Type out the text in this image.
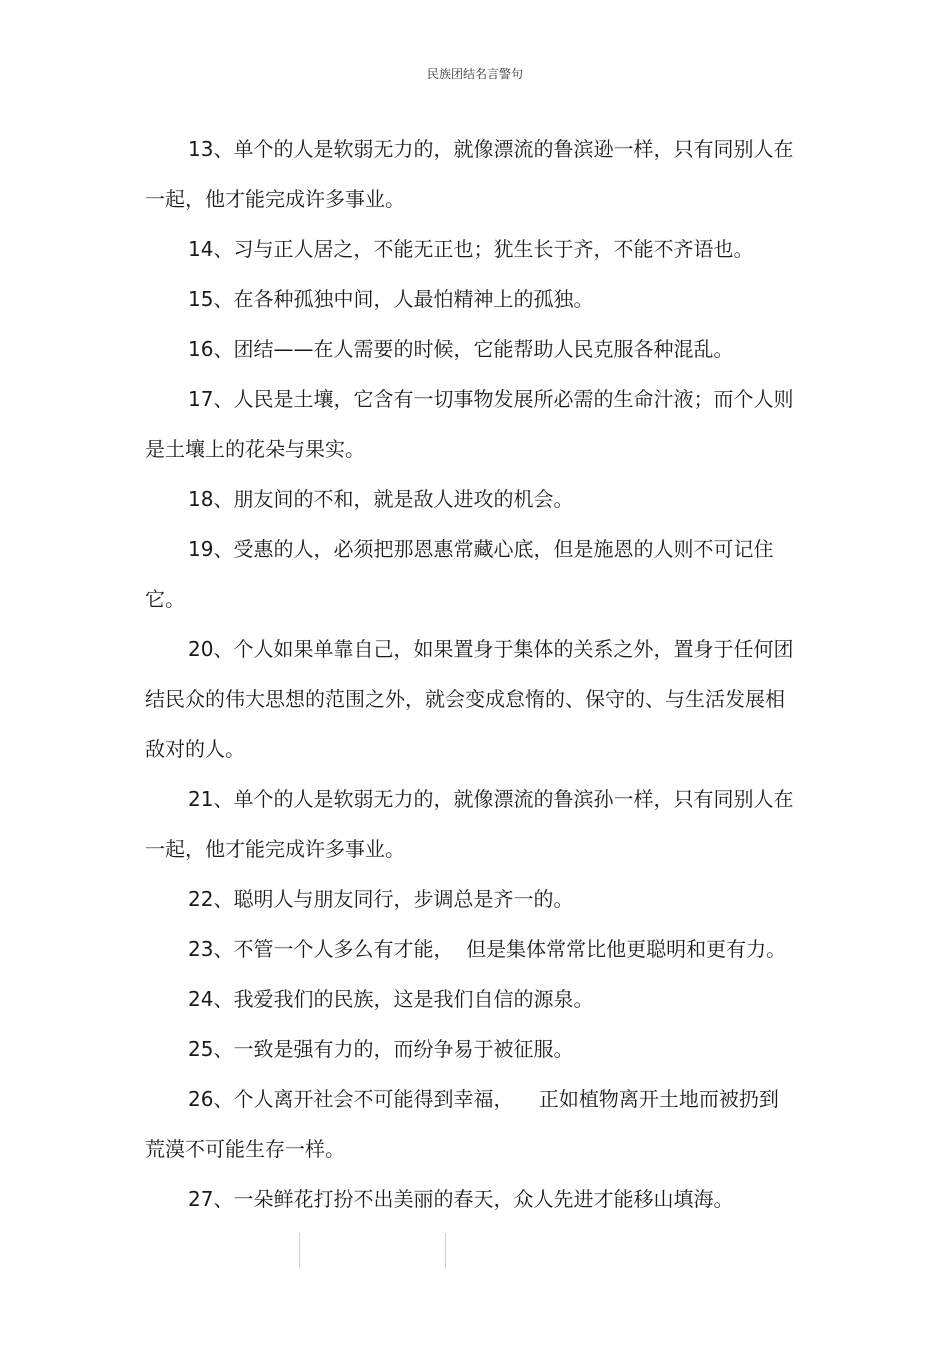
民族团结名言警句

13、单个的人是软弱无力的，就像漂流的鲁滨逊一样，只有同别人在一起，他才能完成许多事业。

14、习与正人居之，不能无正也；犹生长于齐，不能不齐语也。

15、在各种孤独中间，人最怕精神上的孤独。

16、团结——在人需要的时候，它能帮助人民克服各种混乱。

17、人民是土壤，它含有一切事物发展所必需的生命汁液；而个人则是土壤上的花朵与果实。

18、朋友间的不和，就是敌人进攻的机会。

19、受惠的人，必须把那恩惠常藏心底，但是施恩的人则不可记住它。

20、个人如果单靠自己，如果置身于集体的关系之外，置身于任何团结民众的伟大思想的范围之外，就会变成怠惰的、保守的、与生活发展相敌对的人。

21、单个的人是软弱无力的，就像漂流的鲁滨孙一样，只有同别人在一起，他才能完成许多事业。

22、聪明人与朋友同行，步调总是齐一的。

23、不管一个人多么有才能，  但是集体常常比他更聪明和更有力。

24、我爱我们的民族，这是我们自信的源泉。

25、一致是强有力的，而纷争易于被征服。

26、个人离开社会不可能得到幸福，    正如植物离开土地而被扔到荒漠不可能生存一样。

27、一朵鲜花打扮不出美丽的春天，众人先进才能移山填海。
